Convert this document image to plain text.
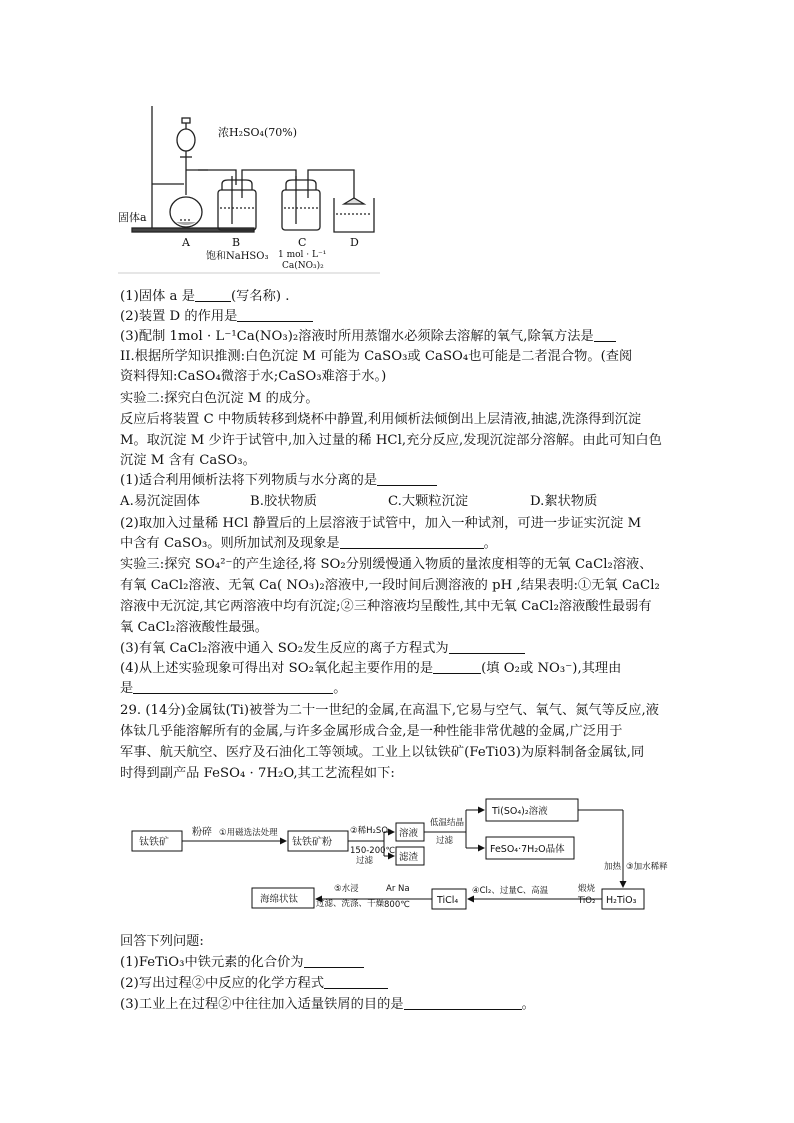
浓H₂SO₄(70%)
固体a
A	B	C	D
饱和NaHSO₃ 1 mol · L⁻¹
Ca(NO₃)₂
(1)固体 a 是	(写名称) .
(2)装置 D 的作用是
(3)配制 1mol · L⁻¹Ca(NO₃)₂溶液时所用蒸馏水必须除去溶解的氧气,除氧方法是
II.根据所学知识推测:白色沉淀 M 可能为 CaSO₃或 CaSO₄也可能是二者混合物。(查阅
资料得知:CaSO₄微溶于水;CaSO₃难溶于水。)
实验二:探究白色沉淀 M 的成分。
反应后将装置 C 中物质转移到烧杯中静置,利用倾析法倾倒出上层清液,抽滤,洗涤得到沉淀
M。取沉淀 M 少许于试管中,加入过量的稀 HCl,充分反应,发现沉淀部分溶解。由此可知白色
沉淀 M 含有 CaSO₃。
(1)适合利用倾析法将下列物质与水分离的是
A.易沉淀固体	B.胶状物质	C.大颗粒沉淀	D.絮状物质
(2)取加入过量稀 HCl 静置后的上层溶液于试管中，加入一种试剂，可进一步证实沉淀 M
中含有 CaSO₃。则所加试剂及现象是	。
实验三:探究 SO₄²⁻的产生途径,将 SO₂分别缓慢通入物质的量浓度相等的无氧 CaCl₂溶液、
有氧 CaCl₂溶液、无氧 Ca( NO₃)₂溶液中,一段时间后测溶液的 pH ,结果表明:①无氧 CaCl₂
溶液中无沉淀,其它两溶液中均有沉淀;②三种溶液均呈酸性,其中无氧 CaCl₂溶液酸性最弱有
氧 CaCl₂溶液酸性最强。
(3)有氧 CaCl₂溶液中通入 SO₂发生反应的离子方程式为
(4)从上述实验现象可得出对 SO₂氧化起主要作用的是	(填 O₂或 NO₃⁻),其理由
是	。
29. (14分)金属钛(Ti)被誉为二十一世纪的金属,在高温下,它易与空气、氧气、氮气等反应,液
体钛几乎能溶解所有的金属,与许多金属形成合金,是一种性能非常优越的金属,广泛用于
军事、航天航空、医疗及石油化工等领域。工业上以钛铁矿(FeTi03)为原料制备金属钛,同
时得到副产品 FeSO₄ · 7H₂O,其工艺流程如下:
钛铁矿
粉碎 ①用磁选法处理
钛铁矿粉
②稀H₂SO₄
150-200℃
过滤
溶液
滤渣
低温结晶
过滤
Ti(SO₄)₂溶液
FeSO₄·7H₂O晶体
加热 ③加水稀释
H₂TiO₃
煅烧
TiO₂
④Cl₂、过量C、高温
TiCl₄
Ar Na
800℃
⑤水浸
过滤、洗涤、干燥
海绵状钛
回答下列问题:
(1)FeTiO₃中铁元素的化合价为
(2)写出过程②中反应的化学方程式
(3)工业上在过程②中往往加入适量铁屑的目的是	。
